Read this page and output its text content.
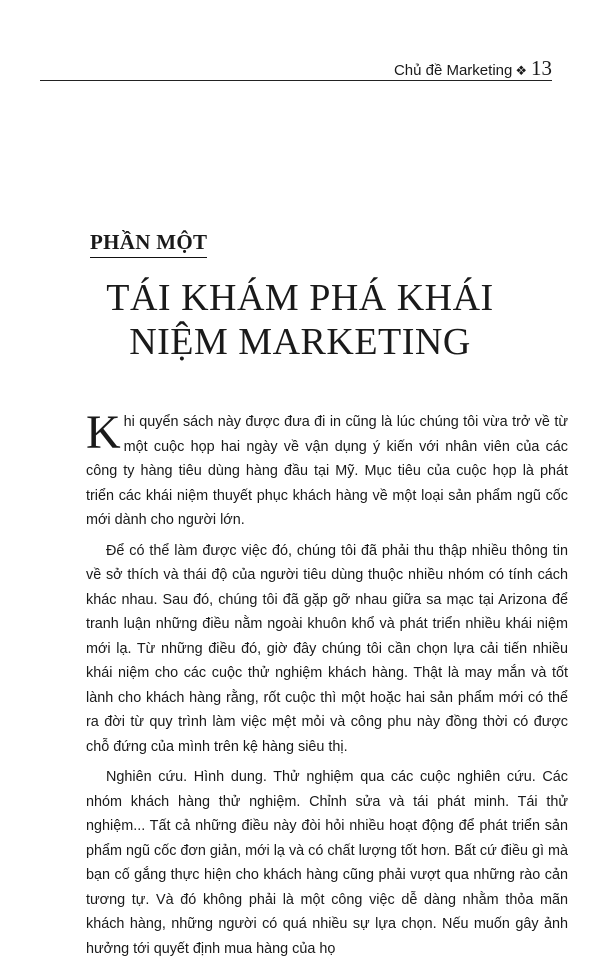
Chủ đề Marketing ❖ 13
PHẦN MỘT
TÁI KHÁM PHÁ KHÁI
NIỆM MARKETING

Khi quyển sách này được đưa đi in cũng là lúc chúng tôi vừa trở về từ một cuộc họp hai ngày về vận dụng ý kiến với nhân viên của các công ty hàng tiêu dùng hàng đầu tại Mỹ. Mục tiêu của cuộc họp là phát triển các khái niệm thuyết phục khách hàng về một loại sản phẩm ngũ cốc mới dành cho người lớn.

Để có thể làm được việc đó, chúng tôi đã phải thu thập nhiều thông tin về sở thích và thái độ của người tiêu dùng thuộc nhiều nhóm có tính cách khác nhau. Sau đó, chúng tôi đã gặp gỡ nhau giữa sa mạc tại Arizona để tranh luận những điều nằm ngoài khuôn khổ và phát triển nhiều khái niệm mới lạ. Từ những điều đó, giờ đây chúng tôi cần chọn lựa cải tiến nhiều khái niệm cho các cuộc thử nghiệm khách hàng. Thật là may mắn và tốt lành cho khách hàng rằng, rốt cuộc thì một hoặc hai sản phẩm mới có thể ra đời từ quy trình làm việc mệt mỏi và công phu này đồng thời có được chỗ đứng của mình trên kệ hàng siêu thị.

Nghiên cứu. Hình dung. Thử nghiệm qua các cuộc nghiên cứu. Các nhóm khách hàng thử nghiệm. Chỉnh sửa và tái phát minh. Tái thử nghiệm... Tất cả những điều này đòi hỏi nhiều hoạt động để phát triển sản phẩm ngũ cốc đơn giản, mới lạ và có chất lượng tốt hơn. Bất cứ điều gì mà bạn cố gắng thực hiện cho khách hàng cũng phải vượt qua những rào cản tương tự. Và đó không phải là một công việc dễ dàng nhằm thỏa mãn khách hàng, những người có quá nhiều sự lựa chọn. Nếu muốn gây ảnh hưởng tới quyết định mua hàng của họ
